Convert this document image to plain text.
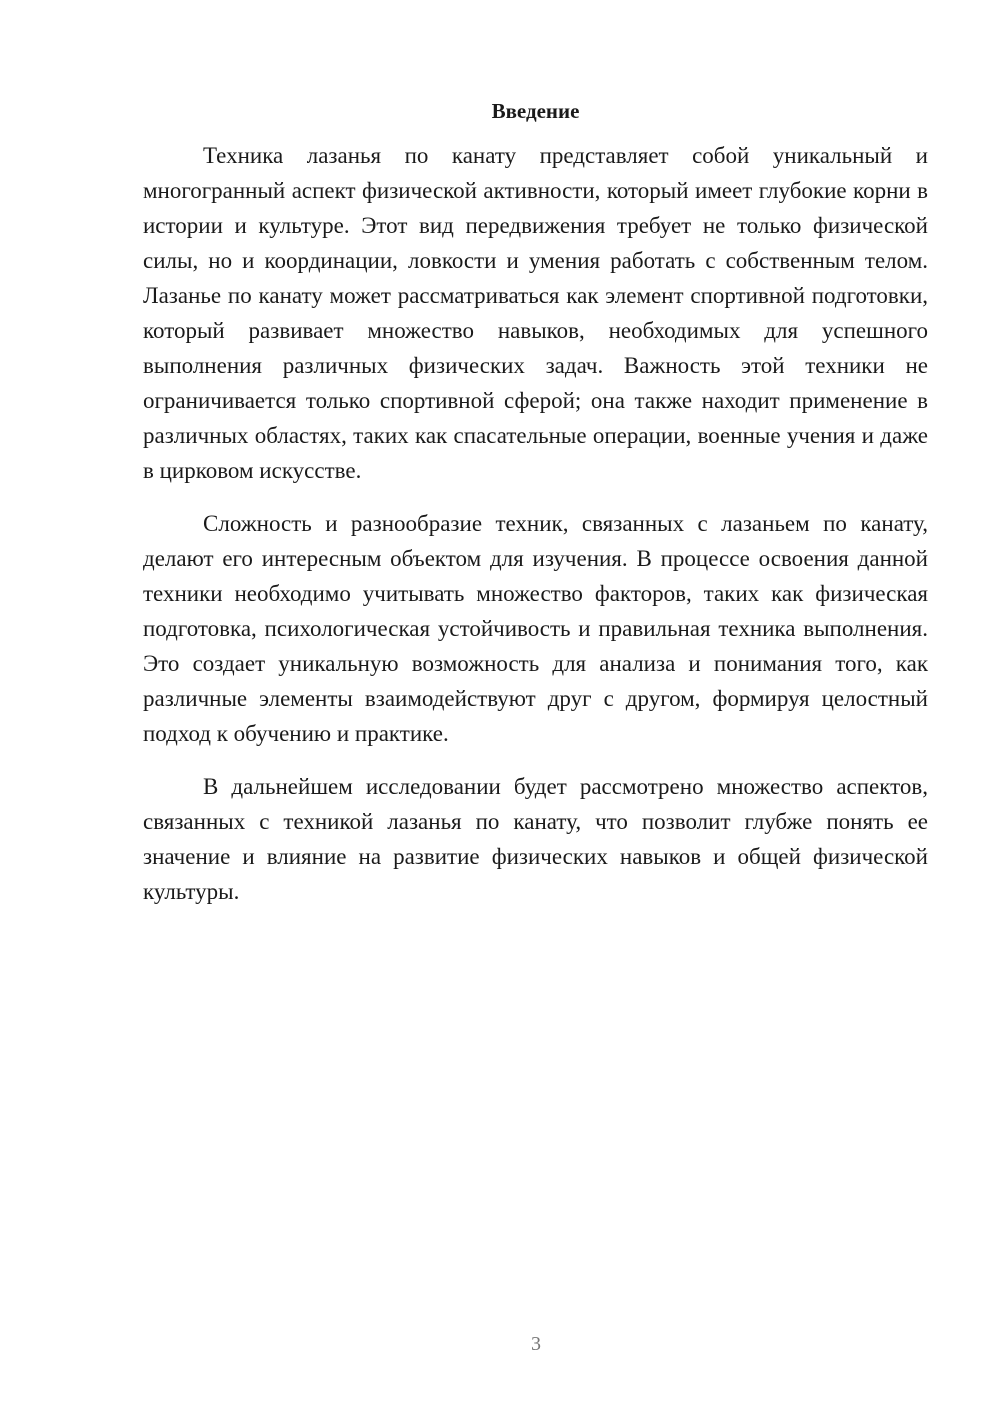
Введение

Техника лазанья по канату представляет собой уникальный и многогранный аспект физической активности, который имеет глубокие корни в истории и культуре. Этот вид передвижения требует не только физической силы, но и координации, ловкости и умения работать с собственным телом. Лазанье по канату может рассматриваться как элемент спортивной подготовки, который развивает множество навыков, необходимых для успешного выполнения различных физических задач. Важность этой техники не ограничивается только спортивной сферой; она также находит применение в различных областях, таких как спасательные операции, военные учения и даже в цирковом искусстве.

Сложность и разнообразие техник, связанных с лазаньем по канату, делают его интересным объектом для изучения. В процессе освоения данной техники необходимо учитывать множество факторов, таких как физическая подготовка, психологическая устойчивость и правильная техника выполнения. Это создает уникальную возможность для анализа и понимания того, как различные элементы взаимодействуют друг с другом, формируя целостный подход к обучению и практике.

В дальнейшем исследовании будет рассмотрено множество аспектов, связанных с техникой лазанья по канату, что позволит глубже понять ее значение и влияние на развитие физических навыков и общей физической культуры.

3
